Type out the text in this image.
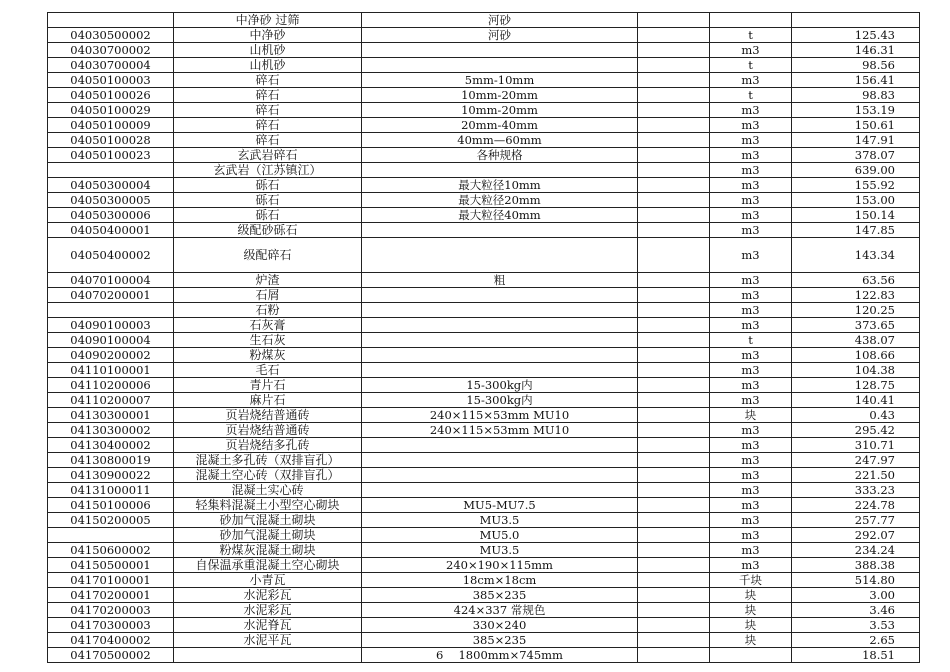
	中净砂 过筛	河砂				

04030500002	中净砂	河砂		t	125.43	
04030700002	山机砂			m3	146.31	
04030700004	山机砂			t	98.56	
04050100003	碎石	5mm-10mm		m3	156.41	
04050100026	碎石	10mm-20mm		t	98.83	
04050100029	碎石	10mm-20mm		m3	153.19	
04050100009	碎石	20mm-40mm		m3	150.61	
04050100028	碎石	40mm—60mm		m3	147.91	
04050100023	玄武岩碎石	各种规格		m3	378.07	
	玄武岩（江苏镇江）			m3	639.00	
04050300004	砾石	最大粒径10mm		m3	155.92	
04050300005	砾石	最大粒径20mm		m3	153.00	
04050300006	砾石	最大粒径40mm		m3	150.14	
04050400001	级配砂砾石			m3	147.85	
04050400002	级配碎石			m3	143.34	

04070100004	炉渣	粗		m3	63.56	

04070200001	石屑			m3	122.83	
	石粉			m3	120.25	
04090100003	石灰膏			m3	373.65	
04090100004	生石灰			t	438.07	
04090200002	粉煤灰			m3	108.66	
04110100001	毛石			m3	104.38	

04110200006	青片石	15-300kg内		m3	128.75	
04110200007	麻片石	15-300kg内		m3	140.41	
04130300001	页岩烧结普通砖	240×115×53mm MU10		块	0.43	

04130300002	页岩烧结普通砖	240×115×53mm MU10		m3	295.42	
04130400002	页岩烧结多孔砖			m3	310.71	
04130800019	混凝土多孔砖（双排盲孔）			m3	247.97	
04130900022	混凝土空心砖（双排盲孔）			m3	221.50	
04131000011	混凝土实心砖			m3	333.23	
04150100006	轻集料混凝土小型空心砌块	MU5-MU7.5		m3	224.78	
04150200005	砂加气混凝土砌块	MU3.5		m3	257.77	
	砂加气混凝土砌块	MU5.0		m3	292.07	
04150600002	粉煤灰混凝土砌块	MU3.5		m3	234.24	
04150500001	自保温承重混凝土空心砌块	240×190×115mm		m3	388.38	
04170100001	小青瓦	18cm×18cm		千块	514.80	
04170200001	水泥彩瓦	385×235		块	3.00	
04170200003	水泥彩瓦	424×337 常规色		块	3.46	
04170300003	水泥脊瓦	330×240		块	3.53	
04170400002	水泥平瓦	385×235		块	2.65	
04170500002		6　 1800mm×745mm			18.51	
